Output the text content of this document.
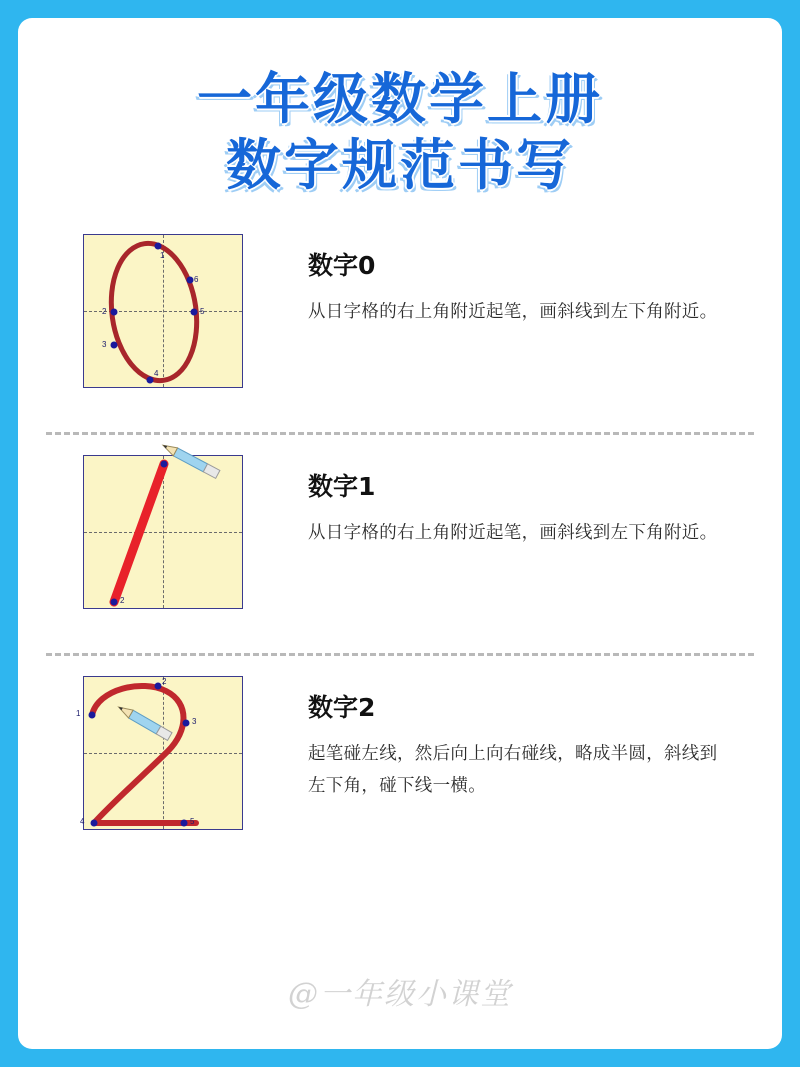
一年级数学上册
数字规范书写
1
6
2	5
3
4
数字0
从日字格的右上角附近起笔，画斜线到左下角附近。
2
数字1
从日字格的右上角附近起笔，画斜线到左下角附近。
1
2
3
4	5
数字2
起笔碰左线，然后向上向右碰线，略成半圆，斜线到左下角，碰下线一横。
@一年级小课堂
